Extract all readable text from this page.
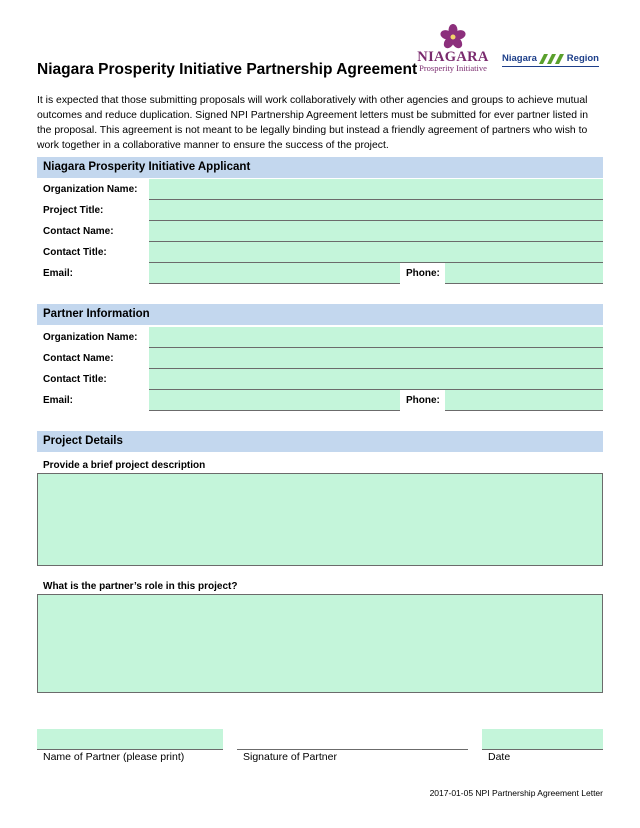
Niagara Prosperity Initiative Partnership Agreement
NIAGARA
Prosperity Initiative
Niagara	Region
It is expected that those submitting proposals will work collaboratively with other agencies and groups to achieve mutual outcomes and reduce duplication. Signed NPI Partnership Agreement letters must be submitted for ever partner listed in the proposal. This agreement is not meant to be legally binding but instead a friendly agreement of partners who wish to work together in a collaborative manner to ensure the success of the project.
Niagara Prosperity Initiative Applicant
Organization Name:
Project Title:
Contact Name:
Contact Title:
Email:	Phone:
Partner Information
Organization Name:
Contact Name:
Contact Title:
Email:	Phone:
Project Details
Provide a brief project description
What is the partner’s role in this project?
Name of Partner (please print)	Signature of Partner	Date
2017-01-05 NPI Partnership Agreement Letter
